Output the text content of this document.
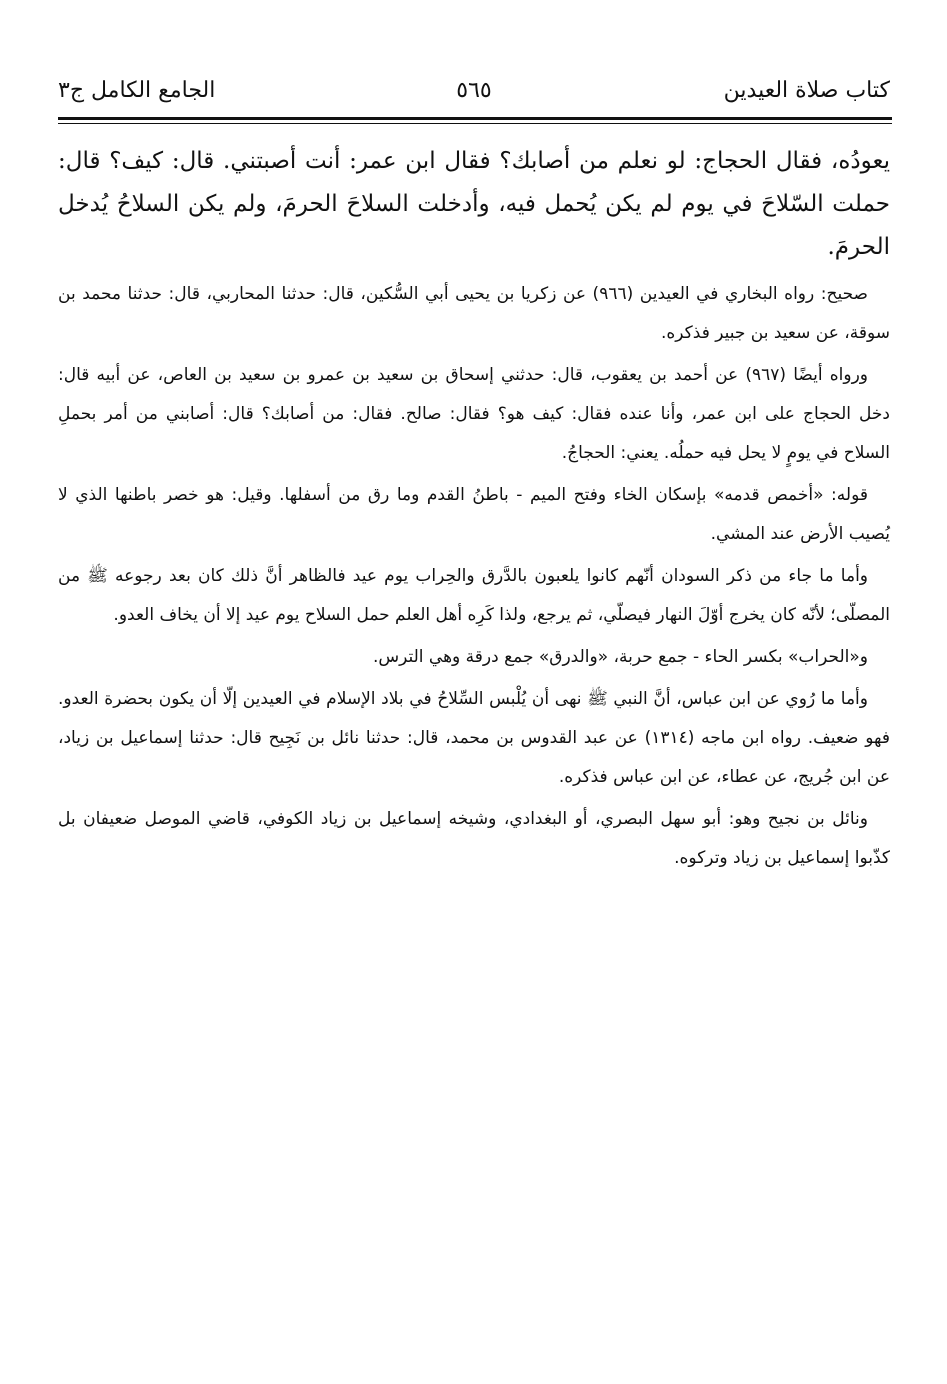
كتاب صلاة العيدين
٥٦٥
الجامع الكامل ج٣

يعودُه، فقال الحجاج: لو نعلم من أصابك؟ فقال ابن عمر: أنت أصبتني. قال: كيف؟ قال: حملت السّلاحَ في يوم لم يكن يُحمل فيه، وأدخلت السلاحَ الحرمَ، ولم يكن السلاحُ يُدخل الحرمَ.

صحيح: رواه البخاري في العيدين (٩٦٦) عن زكريا بن يحيى أبي السُّكين، قال: حدثنا المحاربي، قال: حدثنا محمد بن سوقة، عن سعيد بن جبير فذكره.

ورواه أيضًا (٩٦٧) عن أحمد بن يعقوب، قال: حدثني إسحاق بن سعيد بن عمرو بن سعيد بن العاص، عن أبيه قال: دخل الحجاج على ابن عمر، وأنا عنده فقال: كيف هو؟ فقال: صالح. فقال: من أصابك؟ قال: أصابني من أمر بحملِ السلاح في يومٍ لا يحل فيه حملُه. يعني: الحجاجُ.

قوله: «أخمص قدمه» بإسكان الخاء وفتح الميم - باطنُ القدم وما رق من أسفلها. وقيل: هو خصر باطنها الذي لا يُصيب الأرض عند المشي.

وأما ما جاء من ذكر السودان أنّهم كانوا يلعبون بالدَّرق والحِراب يوم عيد فالظاهر أنَّ ذلك كان بعد رجوعه ﷺ من المصلّى؛ لأنّه كان يخرج أوّلَ النهار فيصلّي، ثم يرجع، ولذا كَرِه أهل العلم حمل السلاح يوم عيد إلا أن يخاف العدو.

و«الحراب» بكسر الحاء - جمع حربة، «والدرق» جمع درقة وهي الترس.

وأما ما رُوي عن ابن عباس، أنَّ النبي ﷺ نهى أن يُلْبس السِّلاحُ في بلاد الإسلام في العيدين إلّا أن يكون بحضرة العدو. فهو ضعيف. رواه ابن ماجه (١٣١٤) عن عبد القدوس بن محمد، قال: حدثنا نائل بن نَجِيح قال: حدثنا إسماعيل بن زياد، عن ابن جُريج، عن عطاء، عن ابن عباس فذكره.

ونائل بن نجيح وهو: أبو سهل البصري، أو البغدادي، وشيخه إسماعيل بن زياد الكوفي، قاضي الموصل ضعيفان بل كذّبوا إسماعيل بن زياد وتركوه.
